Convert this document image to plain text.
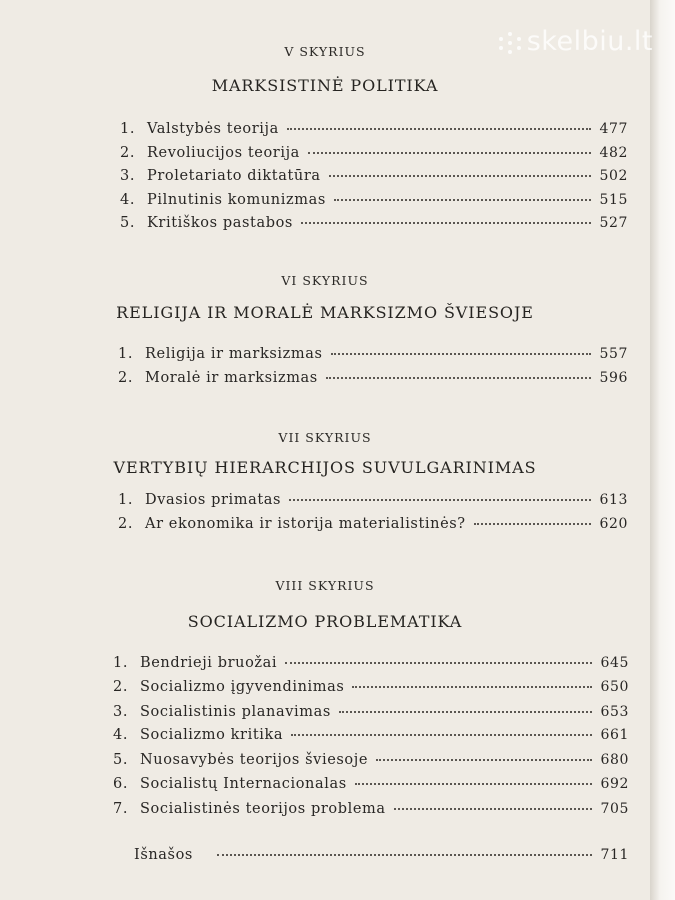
skelbiu.lt
V SKYRIUS
MARKSISTINĖ POLITIKA
1. Valstybės teorija	477
2. Revoliucijos teorija	482
3. Proletariato diktatūra	502
4. Pilnutinis komunizmas	515
5. Kritiškos pastabos	527
VI SKYRIUS
RELIGIJA IR MORALĖ MARKSIZMO ŠVIESOJE
1. Religija ir marksizmas	557
2. Moralė ir marksizmas	596
VII SKYRIUS
VERTYBIŲ HIERARCHIJOS SUVULGARINIMAS
1. Dvasios primatas	613
2. Ar ekonomika ir istorija materialistinės?	620
VIII SKYRIUS
SOCIALIZMO PROBLEMATIKA
1. Bendrieji bruožai	645
2. Socializmo įgyvendinimas	650
3. Socialistinis planavimas	653
4. Socializmo kritika	661
5. Nuosavybės teorijos šviesoje	680
6. Socialistų Internacionalas	692
7. Socialistinės teorijos problema	705
Išnašos	711
